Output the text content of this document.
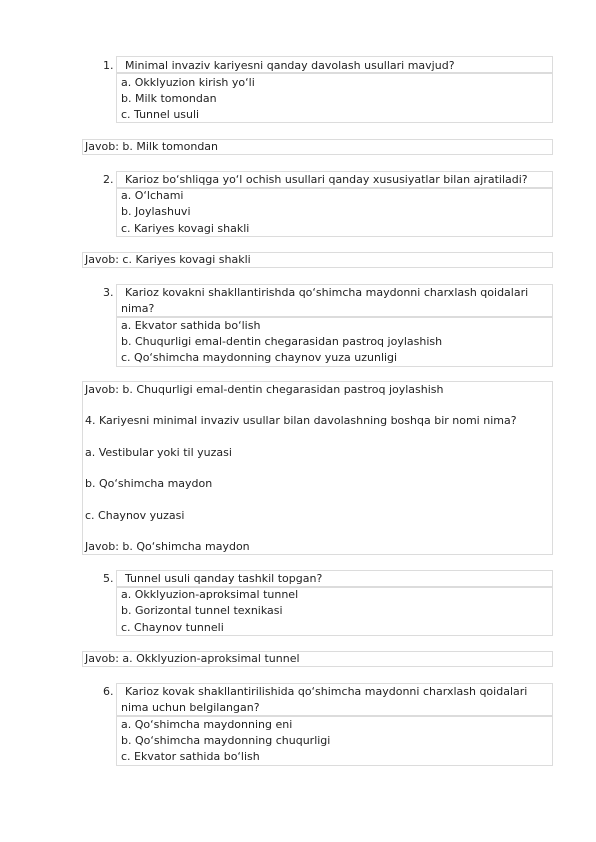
1.	Minimal invaziv kariyesni qanday davolash usullari mavjud?
a. Okklyuzion kirish yo‘li
b. Milk tomondan
c. Tunnel usuli
Javob: b. Milk tomondan
2.	Karioz bo‘shliqga yo‘l ochish usullari qanday xususiyatlar bilan ajratiladi?
a. O‘lchami
b. Joylashuvi
c. Kariyes kovagi shakli
Javob: c. Kariyes kovagi shakli
3.	Karioz kovakni shakllantirishda qo‘shimcha maydonni charxlash qoidalari
nima?
a. Ekvator sathida bo‘lish
b. Chuqurligi emal-dentin chegarasidan pastroq joylashish
c. Qo‘shimcha maydonning chaynov yuza uzunligi
Javob: b. Chuqurligi emal-dentin chegarasidan pastroq joylashish
4. Kariyesni minimal invaziv usullar bilan davolashning boshqa bir nomi nima?
a. Vestibular yoki til yuzasi
b. Qo‘shimcha maydon
c. Chaynov yuzasi
Javob: b. Qo‘shimcha maydon
5.	Tunnel usuli qanday tashkil topgan?
a. Okklyuzion-aproksimal tunnel
b. Gorizontal tunnel texnikasi
c. Chaynov tunneli
Javob: a. Okklyuzion-aproksimal tunnel
6.	Karioz kovak shakllantirilishida qo‘shimcha maydonni charxlash qoidalari
nima uchun belgilangan?
a. Qo‘shimcha maydonning eni
b. Qo‘shimcha maydonning chuqurligi
c. Ekvator sathida bo‘lish
